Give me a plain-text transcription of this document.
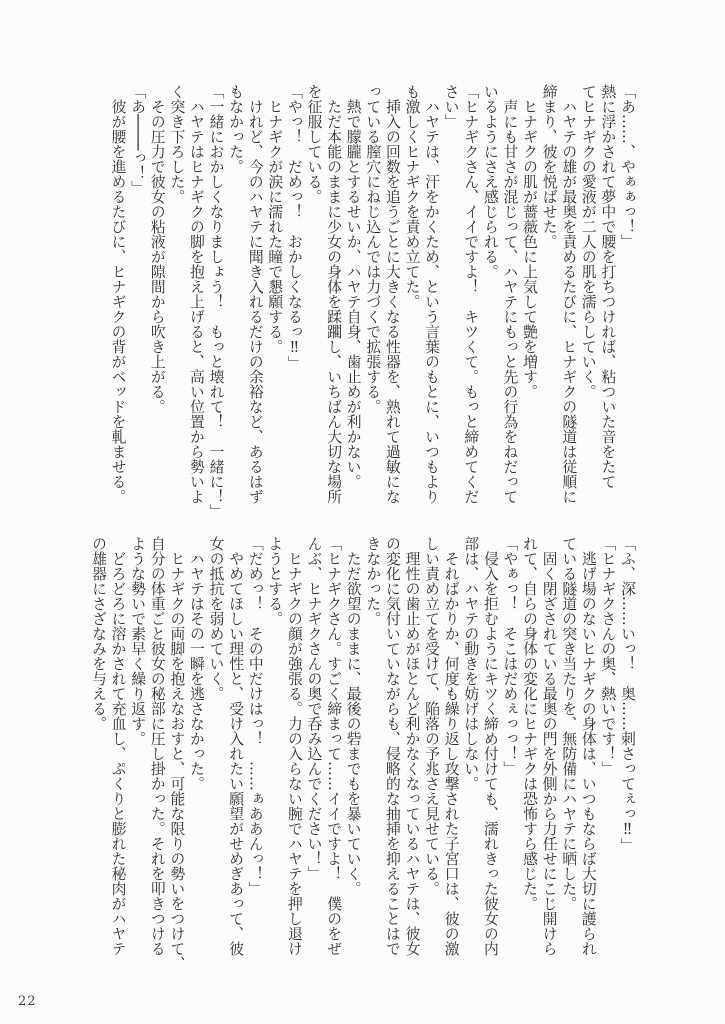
「あ……、やぁぁっ！」

熱に浮かされて夢中で腰を打ちつければ、粘ついた音をたて

てヒナギクの愛液が二人の肌を濡らしていく。

　ハヤテの雄が最奥を責めるたびに、ヒナギクの隧道は従順に

締まり、彼を悦ばせた。

　ヒナギクの肌が薔薇色に上気して艶を増す。

　声にも甘さが混じって、ハヤテにもっと先の行為をねだって

いるようにさえ感じられる。

「ヒナギクさん、イイですよ！　キツくて。もっと締めてくだ

さい」

　ハヤテは、汗をかくため、という言葉のもとに、いつもより

も激しくヒナギクを責め立てた。

　挿入の回数を追うごとに大きくなる性器を、熟れて過敏にな

っている膣穴にねじ込んでは力づくで拡張する。

　熱で朦朧とするせいか、ハヤテ自身、歯止めが利かない。

　ただ本能のままに少女の身体を蹂躙し、いちばん大切な場所

を征服している。

「やっ！　だめっ！　おかしくなるっ‼」

　ヒナギクが涙に濡れた瞳で懇願する。

　けれど、今のハヤテに聞き入れるだけの余裕など、あるはず

もなかった。

「一緒におかしくなりましょう！　もっと壊れて！　一緒に！」

　ハヤテはヒナギクの脚を抱え上げると、高い位置から勢いよ

く突き下ろした。

　その圧力で彼女の粘液が隙間から吹き上がる。

「あ────っ！」

　彼が腰を進めるたびに、ヒナギクの背がベッドを軋ませる。

「ふ、深……いっ！　奥……刺さってぇっ‼」

「ヒナギクさんの奥、熱いです！」

　逃げ場のないヒナギクの身体は、いつもならば大切に護られ

ている隧道の突き当たりを、無防備にハヤテに晒した。

　固く閉ざされている最奥の門を外側から力任せにこじ開けら

れて、自らの身体の変化にヒナギクは恐怖すら感じた。

「やぁっ！　そこはだめぇっっ！」

　侵入を拒むようにキツく締め付けても、濡れきった彼女の内

部は、ハヤテの動きを妨げはしない。

　そればかりか、何度も繰り返し攻撃された子宮口は、彼の激

しい責め立てを受けて、陥落の予兆さえ見せている。

　理性の歯止めがほとんど利かなくなっているハヤテは、彼女

の変化に気付いていながらも、侵略的な抽挿を抑えることはで

きなかった。

　ただ欲望のままに、最後の砦までもを暴いていく。

「ヒナギクさん。すごく締まって……イイですよ！　僕のをぜ

んぶ、ヒナギクさんの奥で呑み込んでください！」

　ヒナギクの顔が強張る。力の入らない腕でハヤテを押し退け

ようとする。

「だめっ！　その中だけはっ！　……ぁああんっ！」

　やめてほしい理性と、受け入れたい願望がせめぎあって、彼

女の抵抗を弱めていく。

　ハヤテはその一瞬を逃さなかった。

　ヒナギクの両脚を抱えなおすと、可能な限りの勢いをつけて、

自分の体重ごと彼女の秘部に圧し掛かった。それを叩きつける

ような勢いで素早く繰り返す。

　どろどろに溶かされて充血し、ぷくりと膨れた秘肉がハヤテ

の雄器にさざなみを与える。

22
